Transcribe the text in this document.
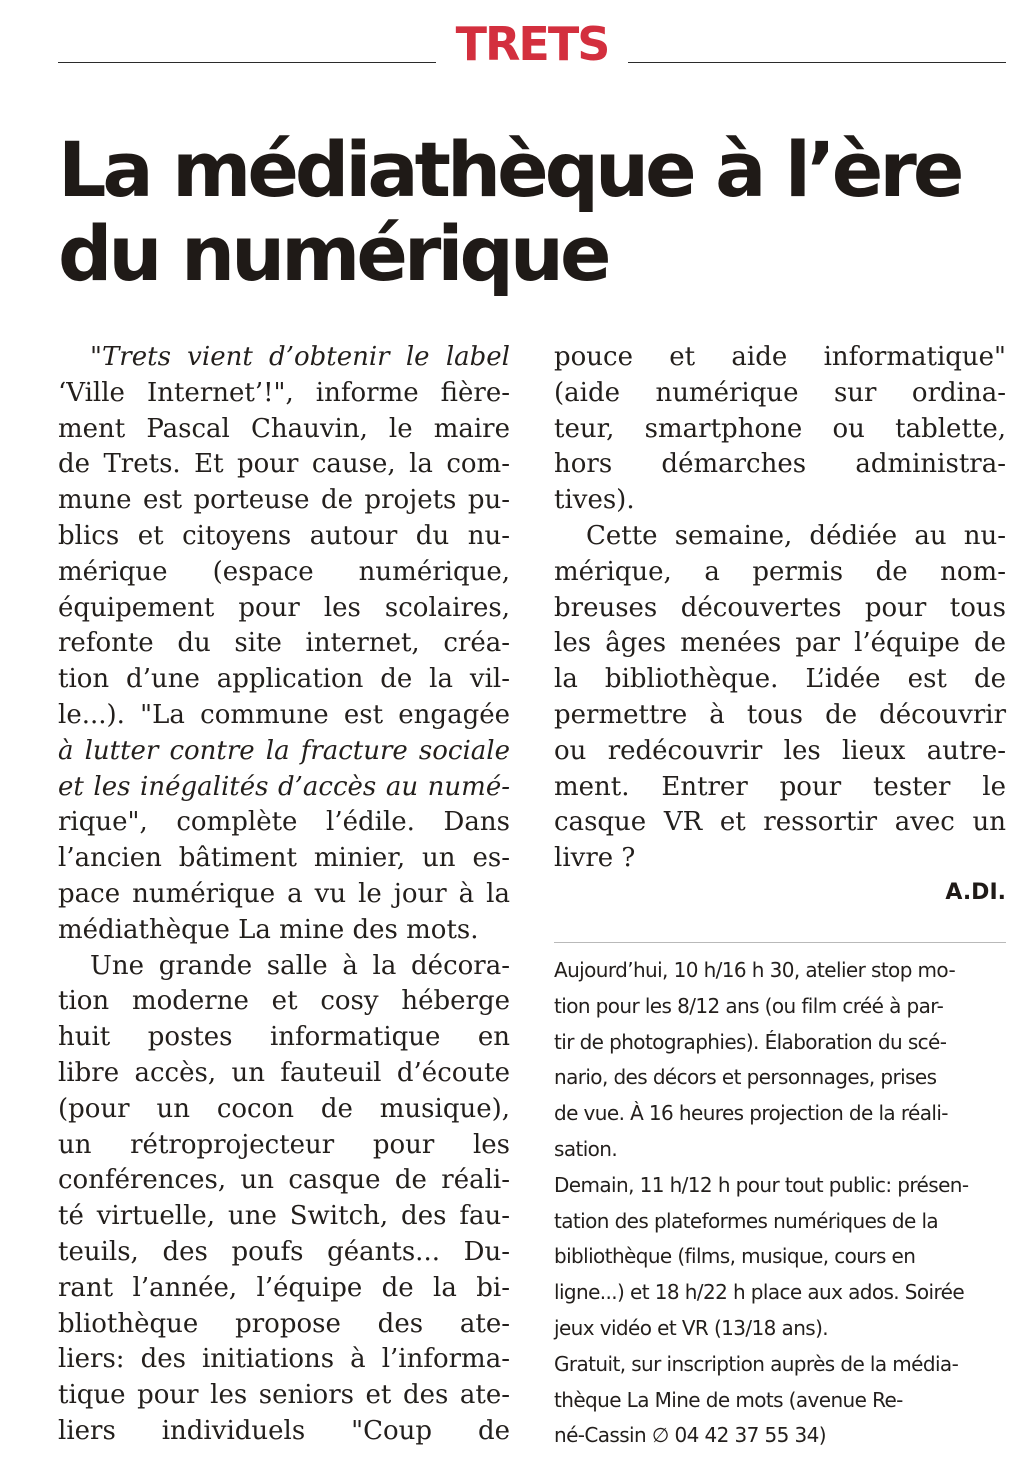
TRETS
La médiathèque à l’ère
du numérique
"Trets vient d’obtenir le label
‘Ville Internet’!", informe fière-
ment Pascal Chauvin, le maire
de Trets. Et pour cause, la com-
mune est porteuse de projets pu-
blics et citoyens autour du nu-
mérique (espace numérique,
équipement pour les scolaires,
refonte du site internet, créa-
tion d’une application de la vil-
le...). "La commune est engagée
à lutter contre la fracture sociale
et les inégalités d’accès au numé-
rique", complète l’édile. Dans
l’ancien bâtiment minier, un es-
pace numérique a vu le jour à la
médiathèque La mine des mots.
Une grande salle à la décora-
tion moderne et cosy héberge
huit postes informatique en
libre accès, un fauteuil d’écoute
(pour un cocon de musique),
un rétroprojecteur pour les
conférences, un casque de réali-
té virtuelle, une Switch, des fau-
teuils, des poufs géants... Du-
rant l’année, l’équipe de la bi-
bliothèque propose des ate-
liers: des initiations à l’informa-
tique pour les seniors et des ate-
liers individuels "Coup de
pouce et aide informatique"
(aide numérique sur ordina-
teur, smartphone ou tablette,
hors démarches administra-
tives).
Cette semaine, dédiée au nu-
mérique, a permis de nom-
breuses découvertes pour tous
les âges menées par l’équipe de
la bibliothèque. L’idée est de
permettre à tous de découvrir
ou redécouvrir les lieux autre-
ment. Entrer pour tester le
casque VR et ressortir avec un
livre ?
A.DI.
Aujourd’hui, 10 h/16 h 30, atelier stop mo-
tion pour les 8/12 ans (ou film créé à par-
tir de photographies). Élaboration du scé-
nario, des décors et personnages, prises
de vue. À 16 heures projection de la réali-
sation.
Demain, 11 h/12 h pour tout public: présen-
tation des plateformes numériques de la
bibliothèque (films, musique, cours en
ligne...) et 18 h/22 h place aux ados. Soirée
jeux vidéo et VR (13/18 ans).
Gratuit, sur inscription auprès de la média-
thèque La Mine de mots (avenue Re-
né-Cassin ∅ 04 42 37 55 34)
